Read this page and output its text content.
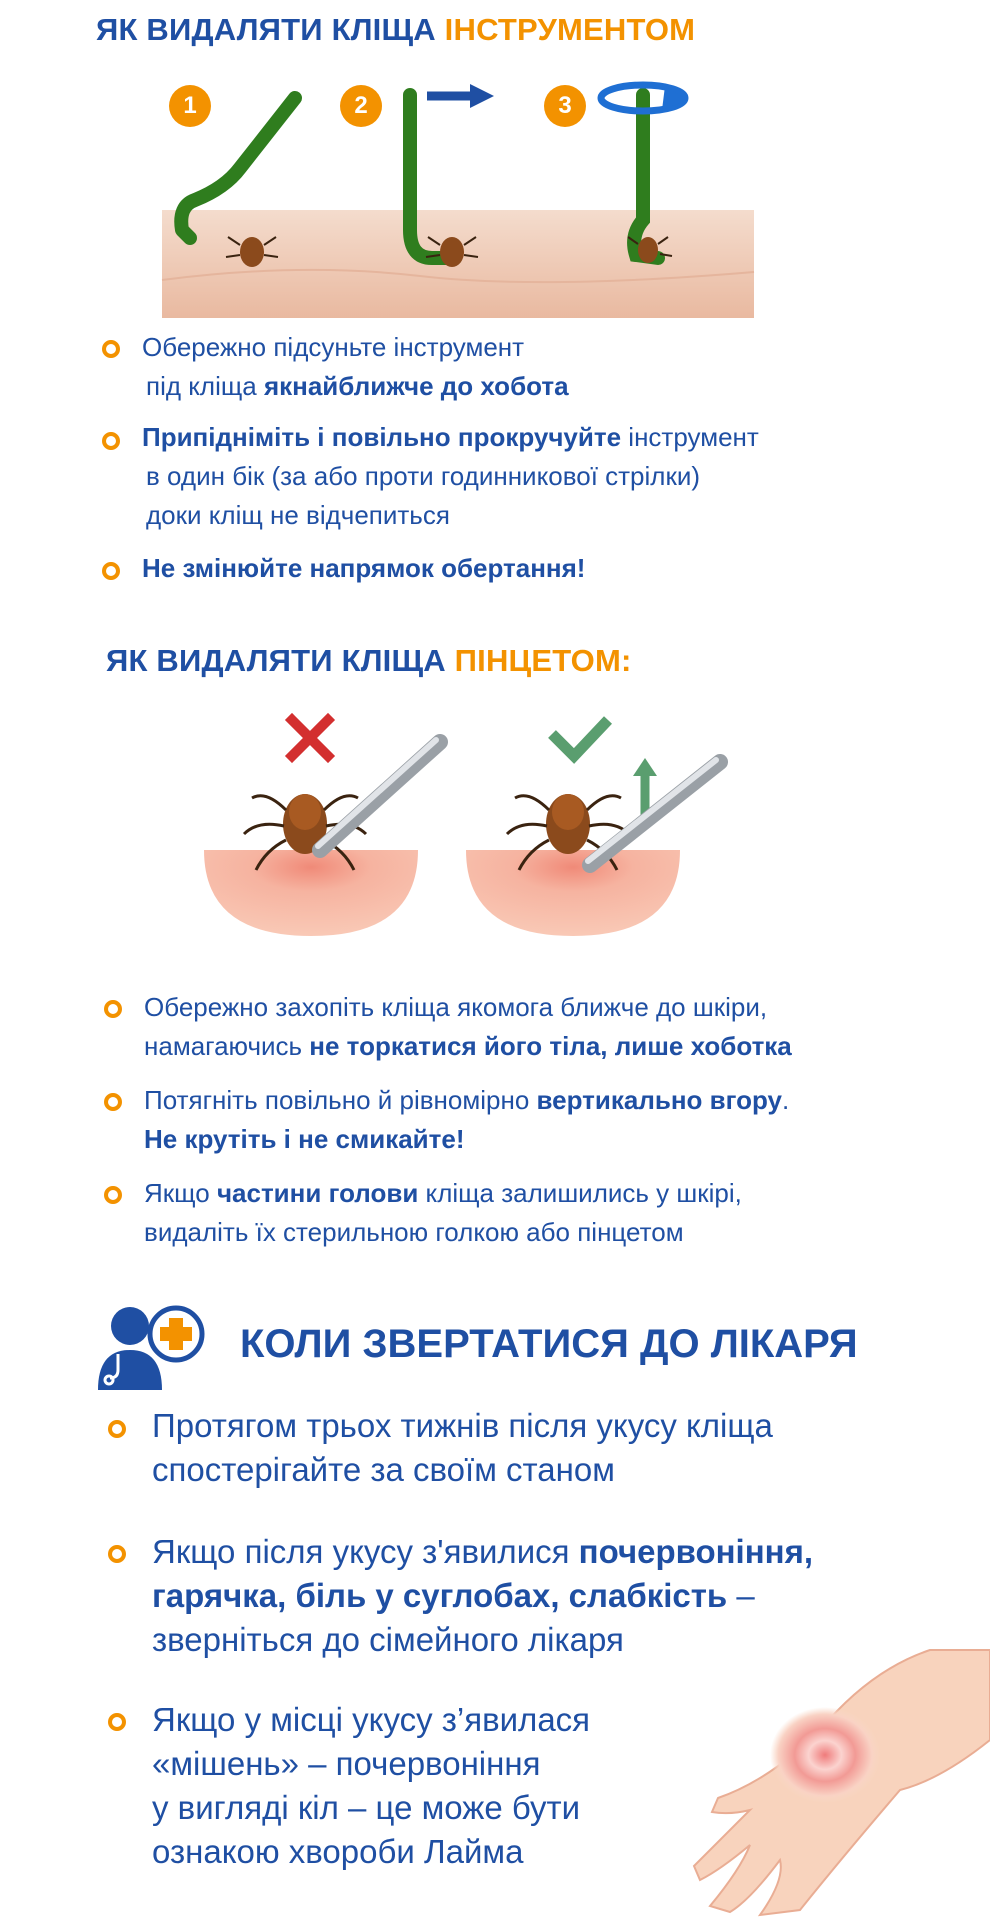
ЯК ВИДАЛЯТИ КЛІЩА ІНСТРУМЕНТОМ
1	2	3
Обережно підсуньте інструмент
під кліща якнайближче до хобота
Припідніміть і повільно прокручуйте інструмент
в один бік (за або проти годинникової стрілки)
доки кліщ не відчепиться
Не змінюйте напрямок обертання!
ЯК ВИДАЛЯТИ КЛІЩА ПІНЦЕТОМ:
Обережно захопіть кліща якомога ближче до шкіри,
намагаючись не торкатися його тіла, лише хоботка
Потягніть повільно й рівномірно вертикально вгору.
Не крутіть і не смикайте!
Якщо частини голови кліща залишились у шкірі,
видаліть їх стерильною голкою або пінцетом
КОЛИ ЗВЕРТАТИСЯ ДО ЛІКАРЯ
Протягом трьох тижнів після укусу кліща
спостерігайте за своїм станом
Якщо після укусу з'явилися почервоніння,
гарячка, біль у суглобах, слабкість –
зверніться до сімейного лікаря
Якщо у місці укусу з’явилася
«мішень» – почервоніння
у вигляді кіл – це може бути
ознакою хвороби Лайма
